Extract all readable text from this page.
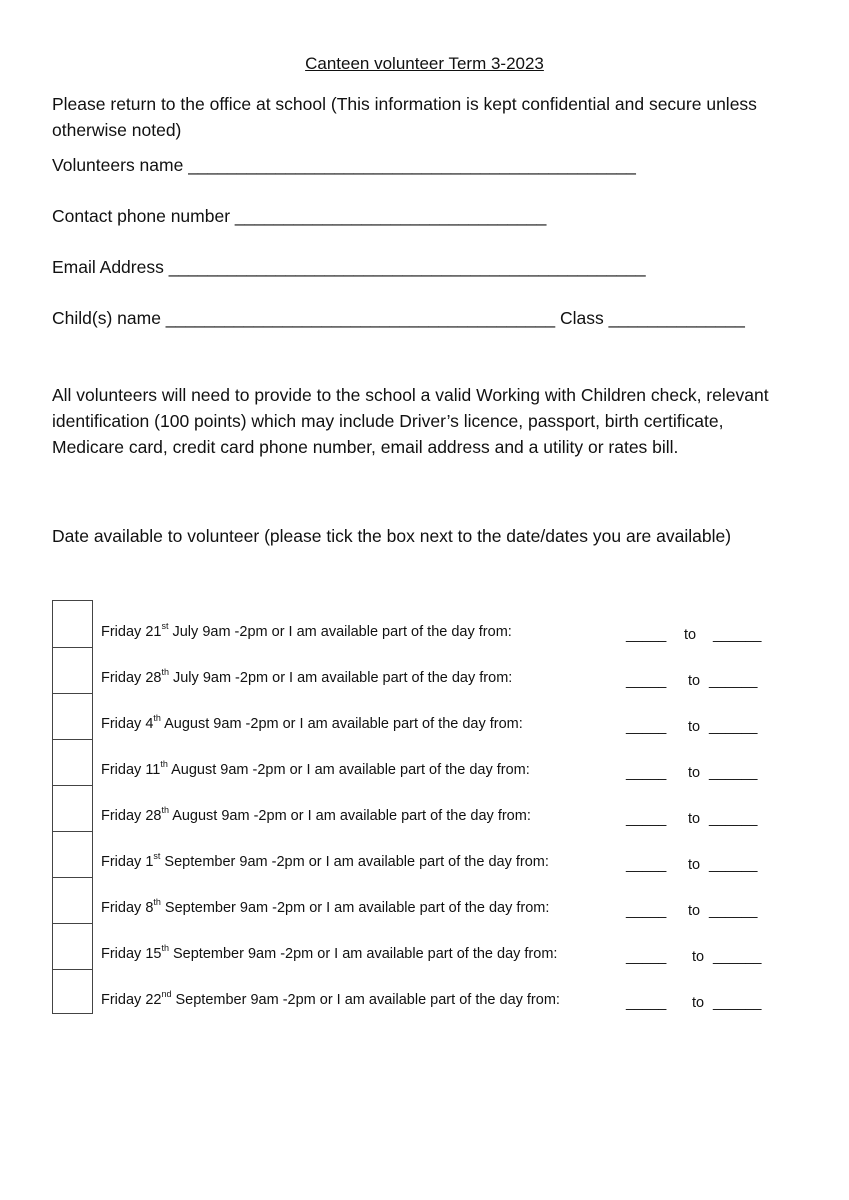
Canteen volunteer Term 3-2023
Please return to the office at school (This information is kept confidential and secure unless otherwise noted)
Volunteers name ______________________________________________
Contact phone number ________________________________
Email Address _________________________________________________
Child(s) name ________________________________________ Class ______________
All volunteers will need to provide to the school a valid Working with Children check, relevant identification (100 points) which may include Driver’s licence, passport, birth certificate, Medicare card, credit card phone number, email address and a utility or rates bill.
Date available to volunteer (please tick the box next to the date/dates you are available)
Friday 21st July 9am -2pm or I am available part of the day from:	_____ to ______
Friday 28th July 9am -2pm or I am available part of the day from:	_____ to ______
Friday 4th August 9am -2pm or I am available part of the day from:	_____ to ______
Friday 11th August 9am -2pm or I am available part of the day from:	_____ to ______
Friday 28th August 9am -2pm or I am available part of the day from:	_____ to ______
Friday 1st September 9am -2pm or I am available part of the day from:	_____ to ______
Friday 8th September 9am -2pm or I am available part of the day from:	_____ to ______
Friday 15th September 9am -2pm or I am available part of the day from:	_____ to ______
Friday 22nd September 9am -2pm or I am available part of the day from:	_____ to ______
